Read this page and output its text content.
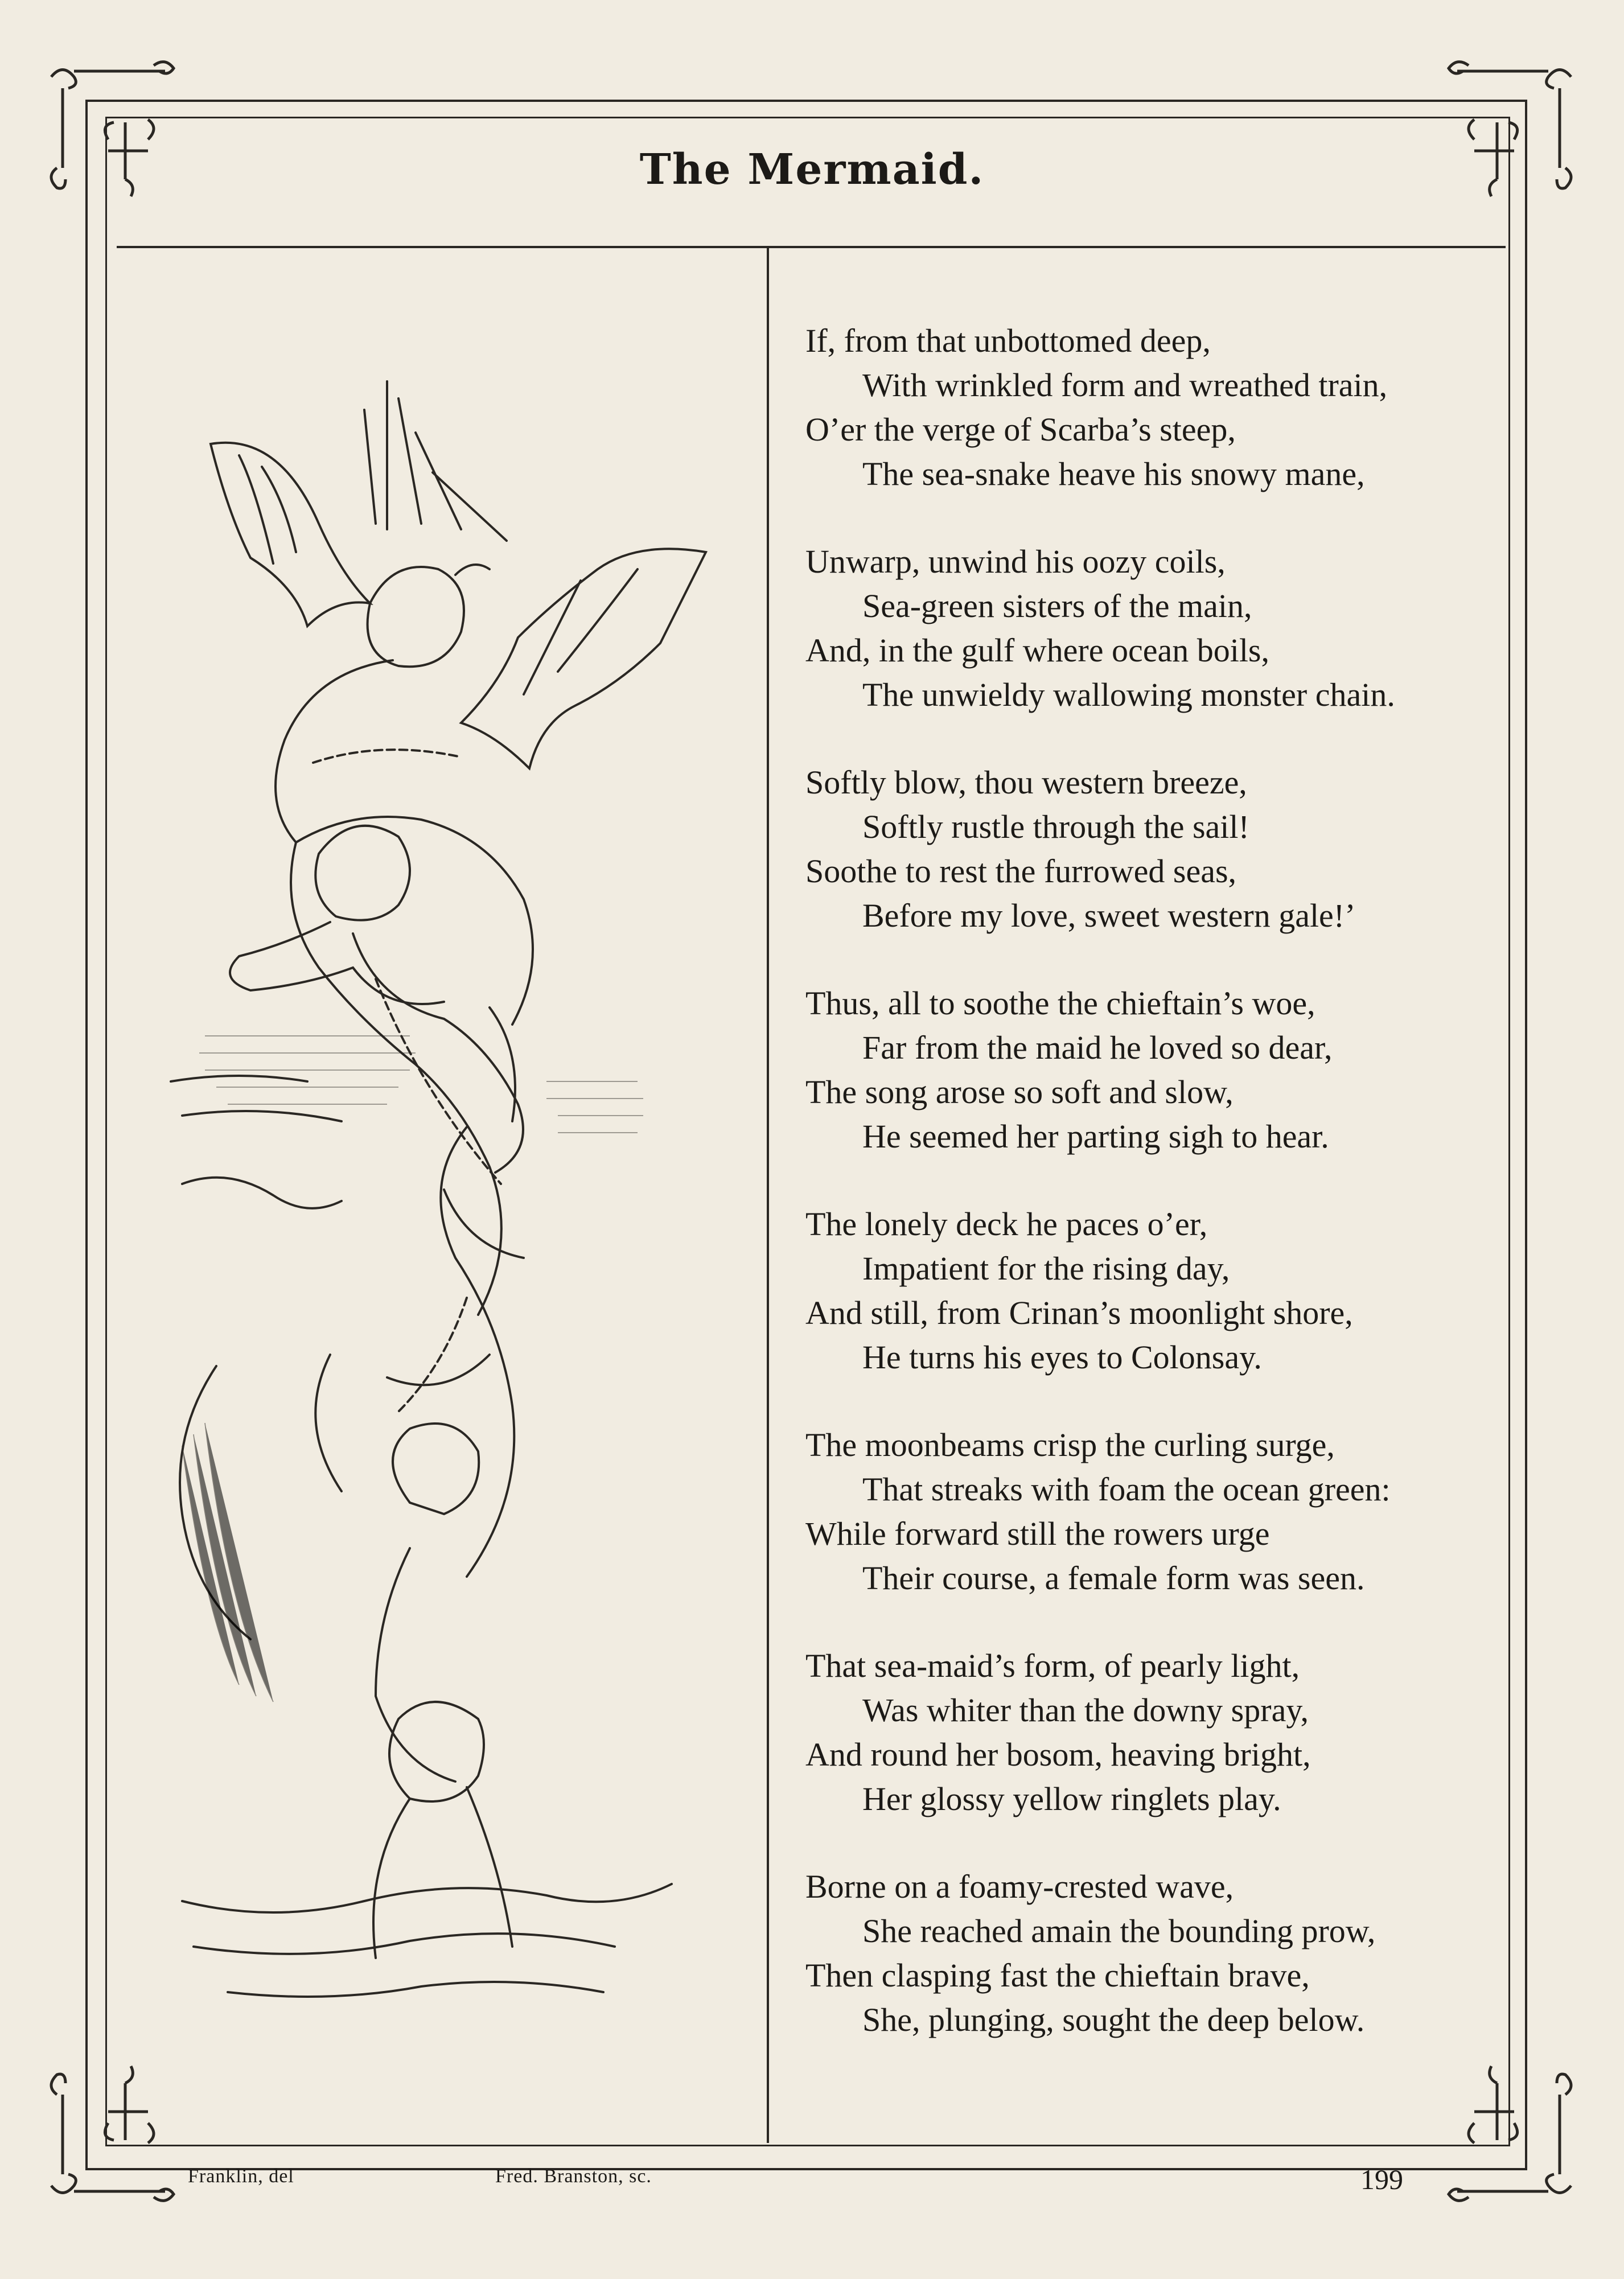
The Mermaid.
If, from that unbottomed deep,
With wrinkled form and wreathed train,
O’er the verge of Scarba’s steep,
The sea-snake heave his snowy mane,
Unwarp, unwind his oozy coils,
Sea-green sisters of the main,
And, in the gulf where ocean boils,
The unwieldy wallowing monster chain.
Softly blow, thou western breeze,
Softly rustle through the sail!
Soothe to rest the furrowed seas,
Before my love, sweet western gale!’
Thus, all to soothe the chieftain’s woe,
Far from the maid he loved so dear,
The song arose so soft and slow,
He seemed her parting sigh to hear.
The lonely deck he paces o’er,
Impatient for the rising day,
And still, from Crinan’s moonlight shore,
He turns his eyes to Colonsay.
The moonbeams crisp the curling surge,
That streaks with foam the ocean green:
While forward still the rowers urge
Their course, a female form was seen.
That sea-maid’s form, of pearly light,
Was whiter than the downy spray,
And round her bosom, heaving bright,
Her glossy yellow ringlets play.
Borne on a foamy-crested wave,
She reached amain the bounding prow,
Then clasping fast the chieftain brave,
She, plunging, sought the deep below.
Franklin, del	Fred. Branston, sc.	199
